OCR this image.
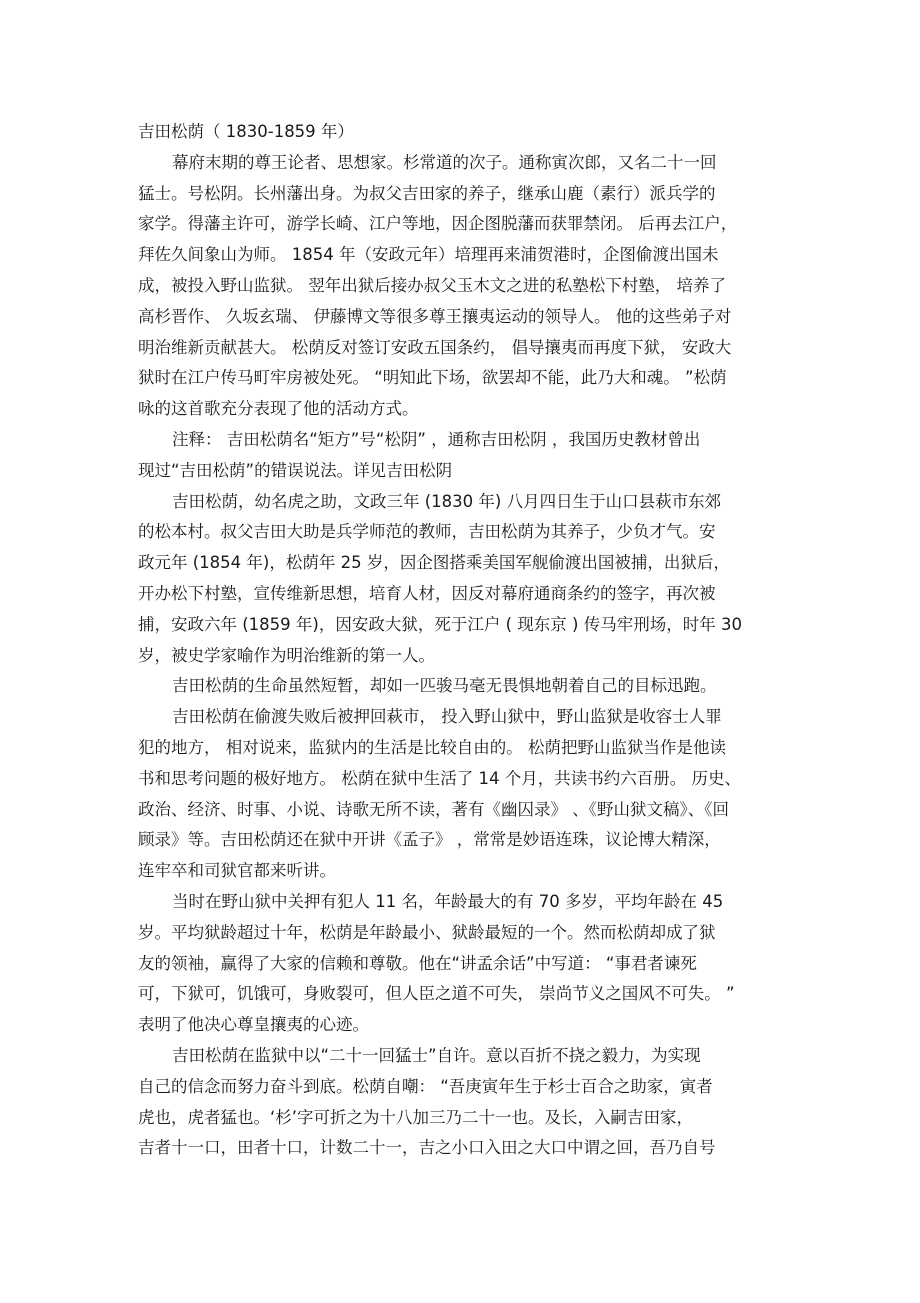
吉田松荫（ 1830-1859 年）
幕府末期的尊王论者、思想家。杉常道的次子。通称寅次郎，又名二十一回
猛士。号松阴。长州藩出身。为叔父吉田家的养子，继承山鹿（素行）派兵学的
家学。得藩主许可，游学长崎、江户等地，因企图脱藩而获罪禁闭。 后再去江户，
拜佐久间象山为师。 1854 年（安政元年）培理再来浦贺港时，企图偷渡出国未
成，被投入野山监狱。 翌年出狱后接办叔父玉木文之进的私塾松下村塾， 培养了
高杉晋作、 久坂玄瑞、 伊藤博文等很多尊王攘夷运动的领导人。 他的这些弟子对
明治维新贡献甚大。 松荫反对签订安政五国条约， 倡导攘夷而再度下狱， 安政大
狱时在江户传马町牢房被处死。 “明知此下场，欲罢却不能，此乃大和魂。 ”松荫
咏的这首歌充分表现了他的活动方式。
注释： 吉田松荫名“矩方”号“松阴” ，通称吉田松阴 ，我国历史教材曾出
现过“吉田松荫”的错误说法。详见吉田松阴
吉田松荫，幼名虎之助，文政三年 (1830 年) 八月四日生于山口县萩市东郊
的松本村。叔父吉田大助是兵学师范的教师，吉田松荫为其养子，少负才气。安
政元年 (1854 年)，松荫年 25 岁，因企图搭乘美国军舰偷渡出国被捕，出狱后，
开办松下村塾，宣传维新思想，培育人材，因反对幕府通商条约的签字，再次被
捕，安政六年 (1859 年)，因安政大狱，死于江户 ( 现东京 ) 传马牢刑场，时年 30
岁，被史学家喻作为明治维新的第一人。
吉田松荫的生命虽然短暂，却如一匹骏马毫无畏惧地朝着自己的目标迅跑。
吉田松荫在偷渡失败后被押回萩市， 投入野山狱中，野山监狱是收容士人罪
犯的地方， 相对说来，监狱内的生活是比较自由的。 松荫把野山监狱当作是他读
书和思考问题的极好地方。 松荫在狱中生活了 14 个月，共读书约六百册。 历史、
政治、经济、时事、小说、诗歌无所不读，著有《幽囚录》 、《野山狱文稿》、《回
顾录》等。吉田松荫还在狱中开讲《孟子》 ，常常是妙语连珠，议论博大精深，
连牢卒和司狱官都来听讲。
当时在野山狱中关押有犯人 11 名，年龄最大的有 70 多岁，平均年龄在 45
岁。平均狱龄超过十年，松荫是年龄最小、狱龄最短的一个。然而松荫却成了狱
友的领袖，赢得了大家的信赖和尊敬。他在“讲孟余话”中写道： “事君者谏死
可，下狱可，饥饿可，身败裂可，但人臣之道不可失， 崇尚节义之国风不可失。 ”
表明了他决心尊皇攘夷的心迹。
吉田松荫在监狱中以“二十一回猛士”自许。意以百折不挠之毅力，为实现
自己的信念而努力奋斗到底。松荫自嘲： “吾庚寅年生于杉士百合之助家，寅者
虎也，虎者猛也。‘杉’字可折之为十八加三乃二十一也。及长，入嗣吉田家，
吉者十一口，田者十口，计数二十一，吉之小口入田之大口中谓之回，吾乃自号
